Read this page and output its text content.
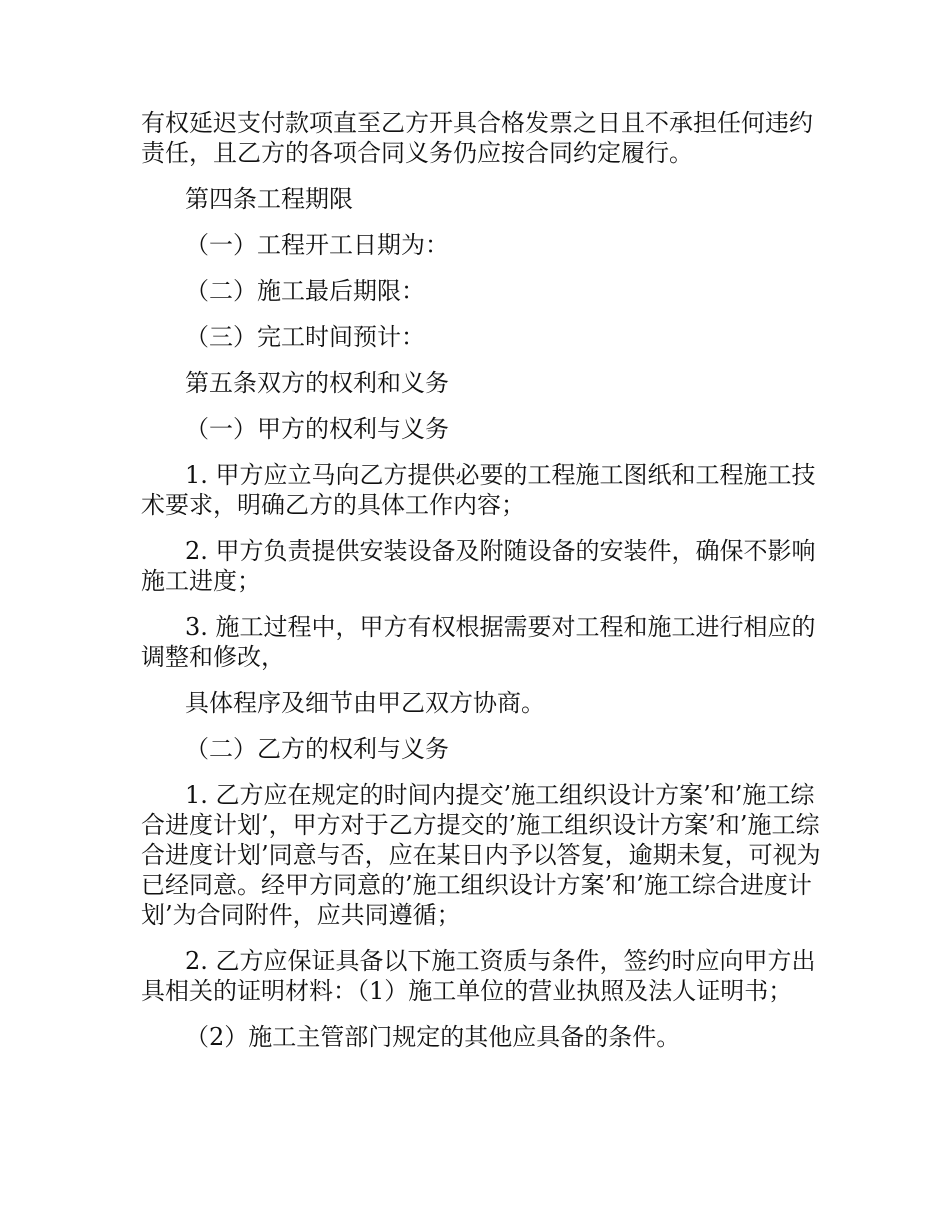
有权延迟支付款项直至乙方开具合格发票之日且不承担任何违约责任，且乙方的各项合同义务仍应按合同约定履行。

第四条工程期限

（一）工程开工日期为：

（二）施工最后期限：

（三）完工时间预计：

第五条双方的权利和义务

（一）甲方的权利与义务

1. 甲方应立马向乙方提供必要的工程施工图纸和工程施工技术要求，明确乙方的具体工作内容；

2. 甲方负责提供安装设备及附随设备的安装件，确保不影响施工进度；

3. 施工过程中，甲方有权根据需要对工程和施工进行相应的调整和修改，

具体程序及细节由甲乙双方协商。

（二）乙方的权利与义务

1. 乙方应在规定的时间内提交’施工组织设计方案’和’施工综合进度计划’，甲方对于乙方提交的’施工组织设计方案’和’施工综合进度计划’同意与否，应在某日内予以答复，逾期未复，可视为已经同意。经甲方同意的’施工组织设计方案’和’施工综合进度计划’为合同附件，应共同遵循；

2. 乙方应保证具备以下施工资质与条件，签约时应向甲方出具相关的证明材料：（1）施工单位的营业执照及法人证明书；

（2）施工主管部门规定的其他应具备的条件。
